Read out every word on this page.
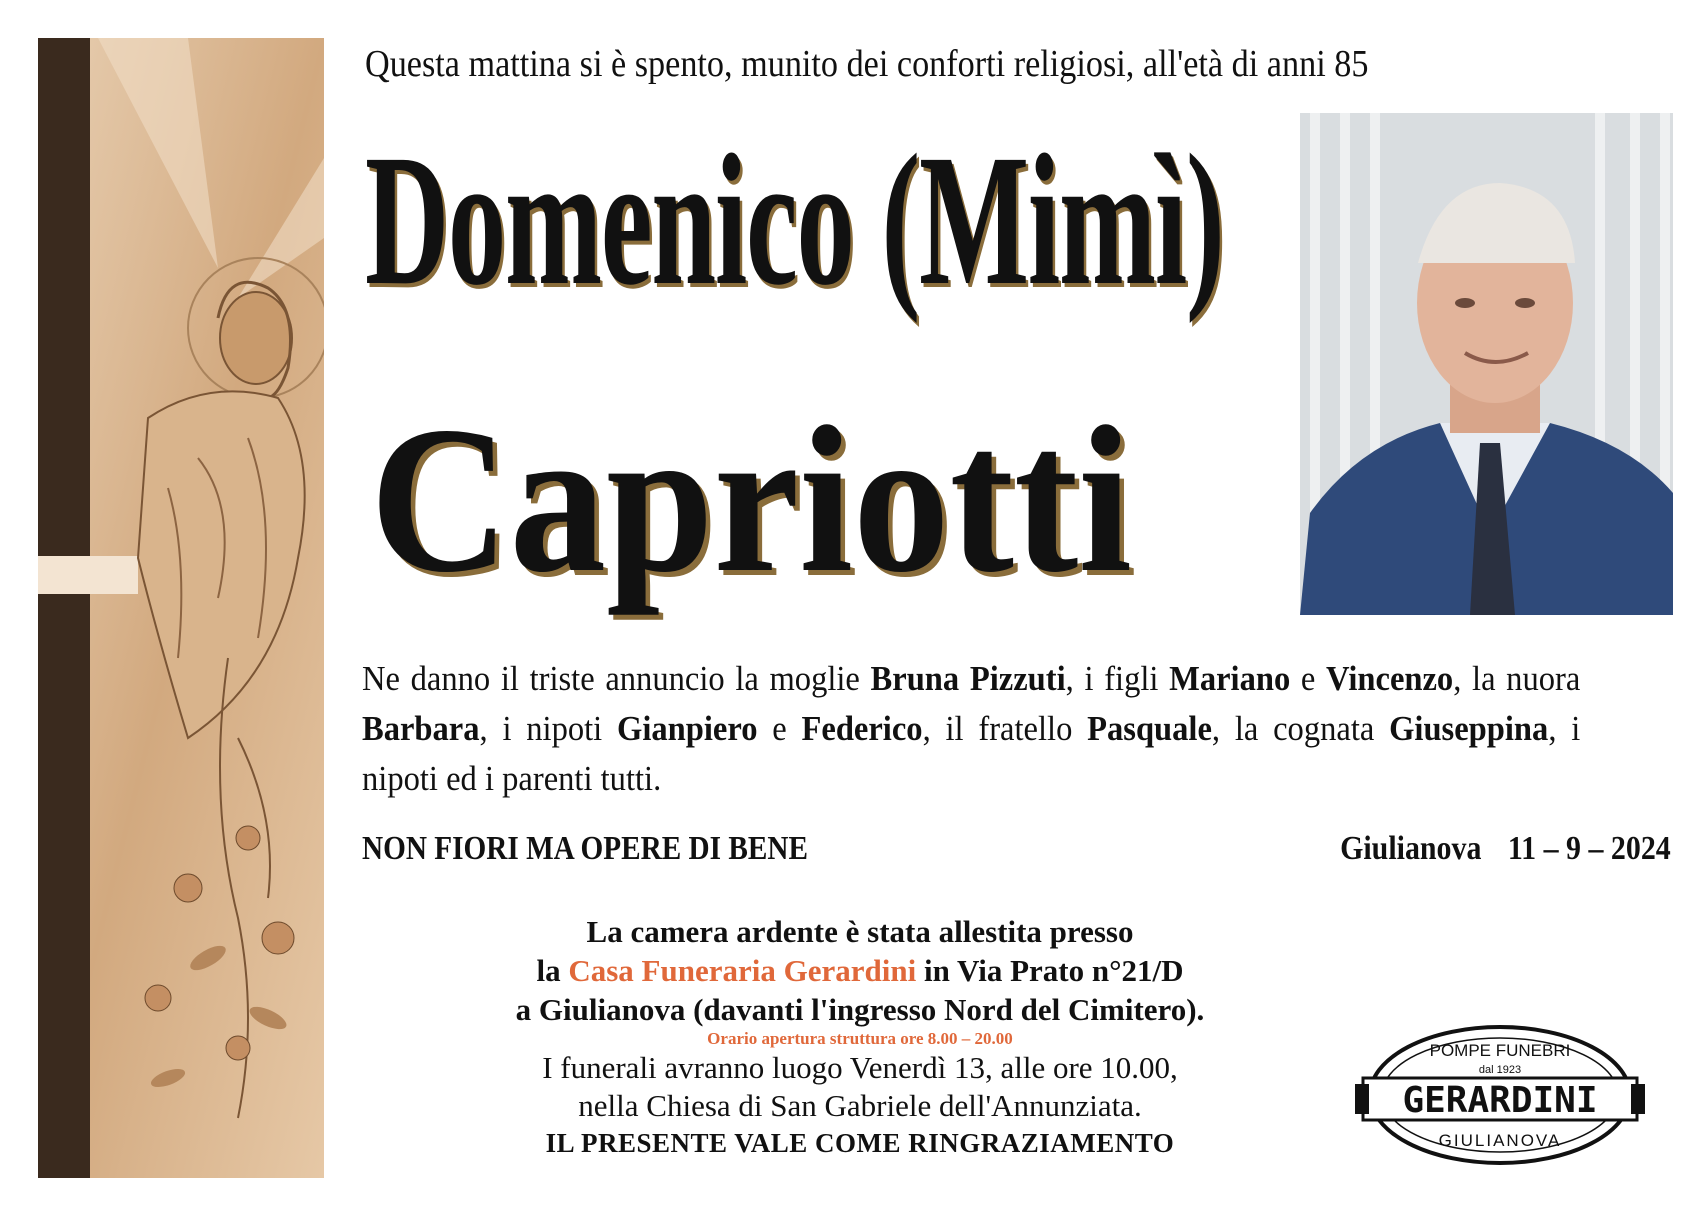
Questa mattina si è spento, munito dei conforti religiosi, all'età di anni 85
Domenico (Mimì)
Capriotti
Ne danno il triste annuncio la moglie Bruna Pizzuti, i figli Mariano e Vincenzo, la nuora Barbara, i nipoti Gianpiero e Federico, il fratello Pasquale, la cognata Giuseppina, i nipoti ed i parenti tutti.
NON FIORI MA OPERE DI BENE	Giulianova 11 – 9 – 2024
La camera ardente è stata allestita presso
la Casa Funeraria Gerardini in Via Prato n°21/D
a Giulianova (davanti l'ingresso Nord del Cimitero).
Orario apertura struttura ore 8.00 – 20.00
I funerali avranno luogo Venerdì 13, alle ore 10.00,
nella Chiesa di San Gabriele dell'Annunziata.
IL PRESENTE VALE COME RINGRAZIAMENTO
POMPE FUNEBRI
dal 1923
GERARDINI
GIULIANOVA
